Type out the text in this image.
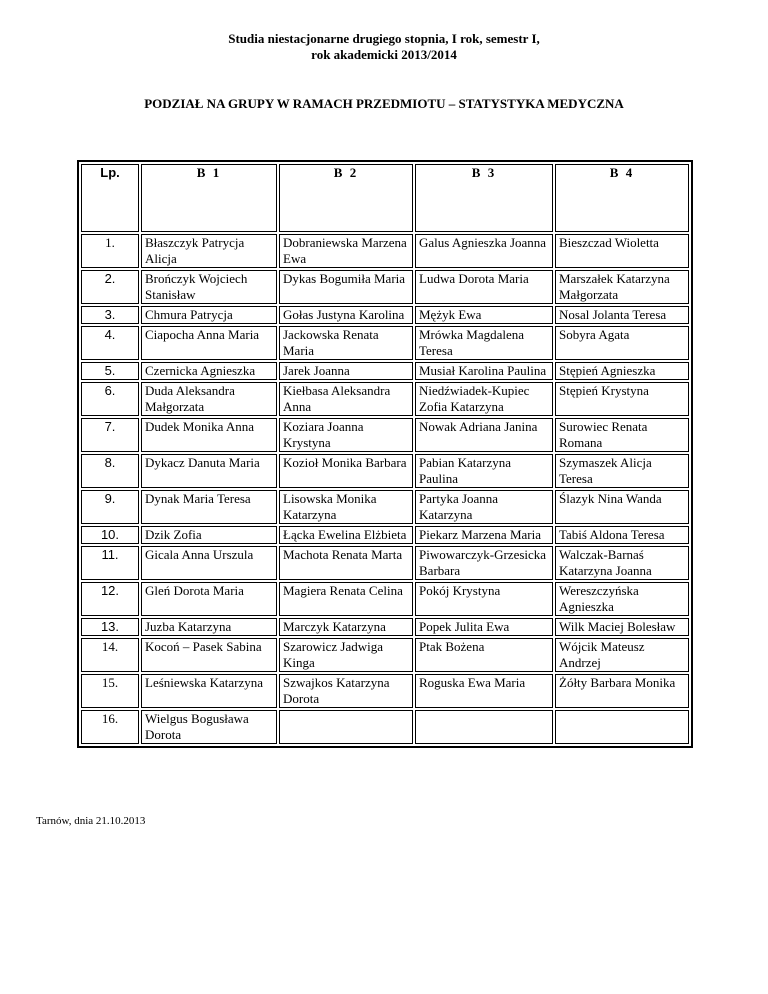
Studia niestacjonarne drugiego stopnia, I rok, semestr I,
rok akademicki 2013/2014
PODZIAŁ NA GRUPY W RAMACH PRZEDMIOTU – STATYSTYKA MEDYCZNA
Lp.	B 1	B 2	B 3	B 4
1.	Błaszczyk Patrycja Alicja	Dobraniewska Marzena Ewa	Galus Agnieszka Joanna	Bieszczad Wioletta
2.	Brończyk Wojciech Stanisław	Dykas Bogumiła Maria	Ludwa Dorota Maria	Marszałek Katarzyna Małgorzata
3.	Chmura Patrycja	Gołas Justyna Karolina	Mężyk Ewa	Nosal Jolanta Teresa
4.	Ciapocha Anna Maria	Jackowska Renata Maria	Mrówka Magdalena Teresa	Sobyra Agata
5.	Czernicka Agnieszka	Jarek Joanna	Musiał Karolina Paulina	Stępień Agnieszka
6.	Duda Aleksandra Małgorzata	Kiełbasa Aleksandra Anna	Niedźwiadek-Kupiec Zofia Katarzyna	Stępień Krystyna
7.	Dudek Monika Anna	Koziara Joanna Krystyna	Nowak Adriana Janina	Surowiec Renata Romana
8.	Dykacz Danuta Maria	Kozioł Monika Barbara	Pabian Katarzyna Paulina	Szymaszek Alicja Teresa
9.	Dynak Maria Teresa	Lisowska Monika Katarzyna	Partyka Joanna Katarzyna	Ślazyk Nina Wanda
10.	Dzik Zofia	Łącka Ewelina Elżbieta	Piekarz Marzena Maria	Tabiś Aldona Teresa
11.	Gicala Anna Urszula	Machota Renata Marta	Piwowarczyk-Grzesicka Barbara	Walczak-Barnaś Katarzyna Joanna
12.	Gleń Dorota Maria	Magiera Renata Celina	Pokój Krystyna	Wereszczyńska Agnieszka
13.	Juzba Katarzyna	Marczyk Katarzyna	Popek Julita Ewa	Wilk Maciej Bolesław
14.	Kocoń – Pasek Sabina	Szarowicz Jadwiga Kinga	Ptak Bożena	Wójcik Mateusz Andrzej
15.	Leśniewska Katarzyna	Szwajkos Katarzyna Dorota	Roguska Ewa Maria	Żółty Barbara Monika
16.	Wielgus Bogusława Dorota			
Tarnów, dnia 21.10.2013
